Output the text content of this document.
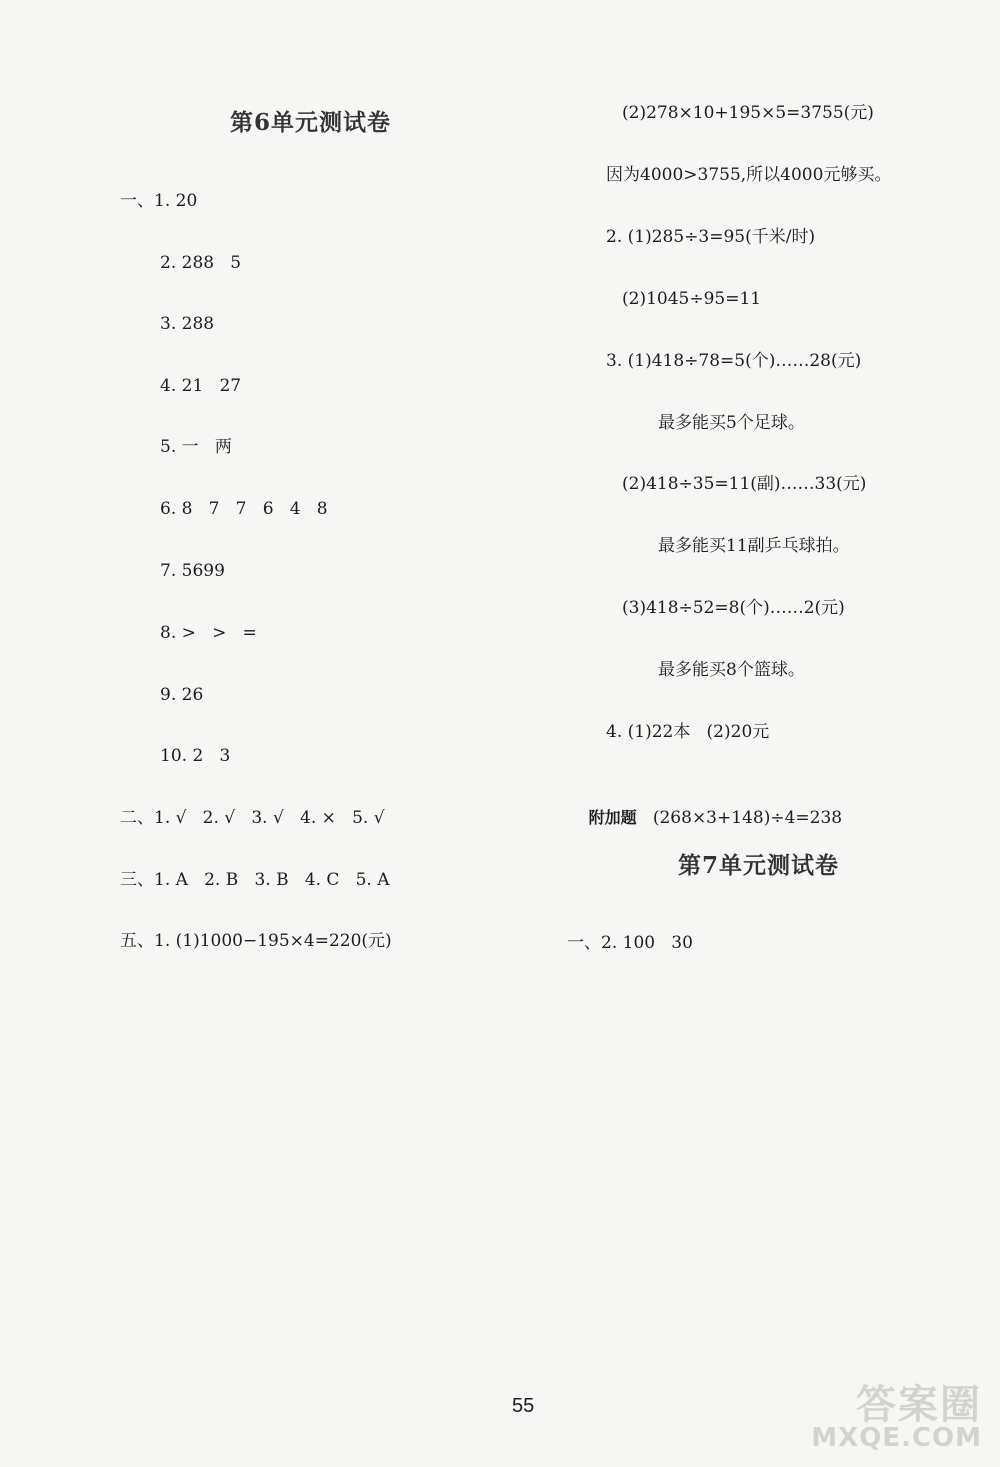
第6单元测试卷
一、1. 20
2. 288   5
3. 288
4. 21   27
5. 一   两
6. 8   7   7   6   4   8
7. 5699
8. >   >   =
9. 26
10. 2   3
二、1. √   2. √   3. √   4. ×   5. √
三、1. A   2. B   3. B   4. C   5. A
五、1. (1)1000−195×4=220(元)
(2)278×10+195×5=3755(元)
因为4000>3755,所以4000元够买。
2. (1)285÷3=95(千米/时)
(2)1045÷95=11
3. (1)418÷78=5(个)……28(元)
最多能买5个足球。
(2)418÷35=11(副)……33(元)
最多能买11副乒乓球拍。
(3)418÷52=8(个)……2(元)
最多能买8个篮球。
4. (1)22本   (2)20元

附加题 (268×3+148)÷4=238

第7单元测试卷
一、2. 100   30
55	答案圈
MXQE.COM
